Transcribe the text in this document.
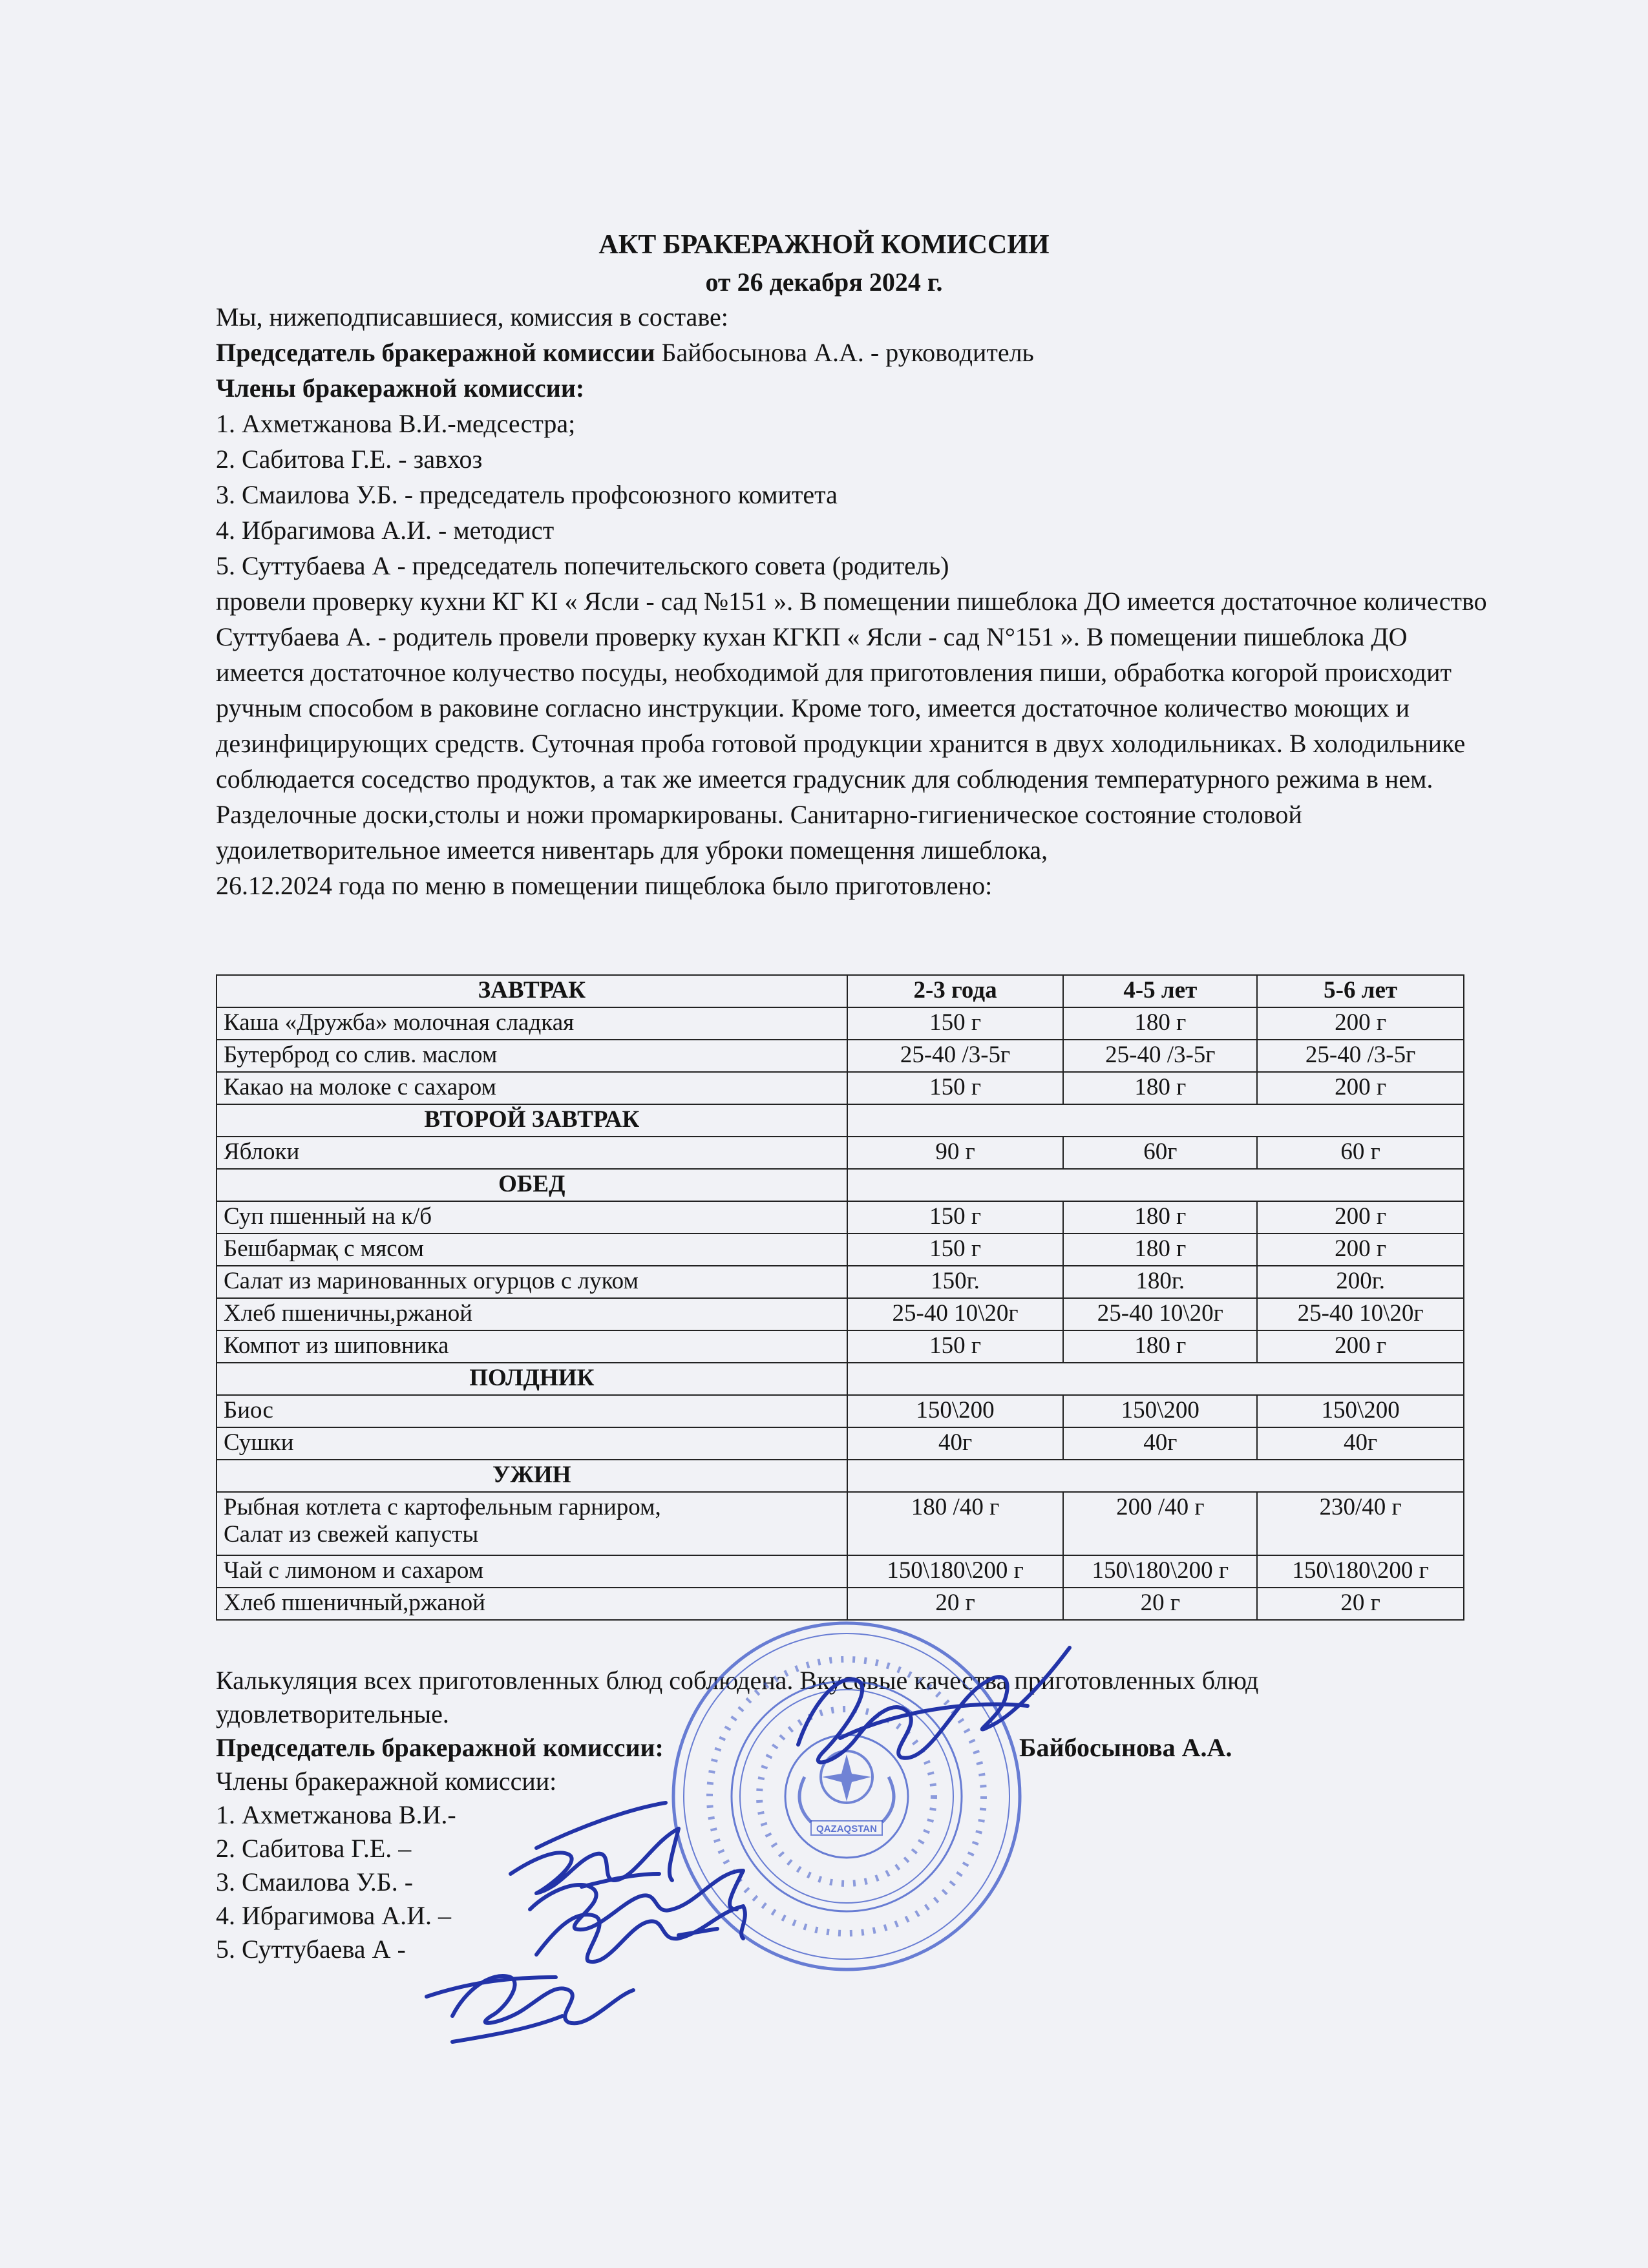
АКТ БРАКЕРАЖНОЙ КОМИССИИ
от 26 декабря 2024 г.

Мы, нижеподписавшиеся, комиссия в составе:

Председатель бракеражной комиссии Байбосынова А.А. - руководитель

Члены бракеражной комиссии:

1. Ахметжанова В.И.-медсестра;

2. Сабитова Г.Е. - завхоз

3. Смаилова У.Б. - председатель профсоюзного комитета

4. Ибрагимова А.И. - методист

5. Суттубаева А - председатель попечительского совета (родитель)

провели проверку кухни КГ KI « Ясли - сад №151 ». В помещении пишеблока ДО имеется достаточное количество

Суттубаева А. - родитель провели проверку кухан КГКП « Ясли - сад N°151 ». В помещении пишеблока ДО имеется достаточное колучество посуды, необходимой для приготовления пиши, обработка когорой происходит ручным способом в раковине согласно инструкции. Кроме того, имеется достаточное количество моющих и дезинфицирующих средств. Суточная проба готовой продукции хранится в двух холодильниках. В холодильнике соблюдается соседство продуктов, а так же имеется градусник для соблюдения температурного режима в нем. Разделочные доски,столы и ножи промаркированы. Санитарно-гигиеническое состояние столовой удоилетворительное имеется нивентарь для уброки помещення лишеблока,

26.12.2024 года по меню в помещении пищеблока было приготовлено:

ЗАВТРАК	2-3 года	4-5 лет	5-6 лет
Каша «Дружба» молочная сладкая	150 г	180 г	200 г
Бутерброд со слив. маслом	25-40 /3-5г	25-40 /3-5г	25-40 /3-5г
Какао на молоке с сахаром	150 г	180 г	200 г
ВТОРОЙ ЗАВТРАК			
Яблоки	90 г	60г	60 г
ОБЕД			
Суп пшенный на к/б	150 г	180 г	200 г
Бешбармақ с мясом	150 г	180 г	200 г
Салат из маринованных огурцов с луком	150г.	180г.	200г.
Хлеб пшеничны,ржаной	25-40 10\20г	25-40 10\20г	25-40 10\20г
Компот из шиповника	150 г	180 г	200 г
ПОЛДНИК			
Биос	150\200	150\200	150\200
Сушки	40г	40г	40г
УЖИН			

Рыбная котлета с картофельным гарниром,
Салат из свежей капусты	180 /40 г	200 /40 г	230/40 г
Чай с лимоном и сахаром	150\180\200 г	150\180\200 г	150\180\200 г
Хлеб пшеничный,ржаной	20 г	20 г	20 г

Калькуляция всех приготовленных блюд соблюдена. Вкусовые качества приготовленных блюд удовлетворительные.

Председатель бракеражной комиссии:	Байбосынова А.А.

Члены бракеражной комиссии:

1. Ахметжанова В.И.-

2. Сабитова Г.Е. –

3. Смаилова У.Б. -

4. Ибрагимова А.И. –

5. Суттубаева А -

QAZAQSTAN
